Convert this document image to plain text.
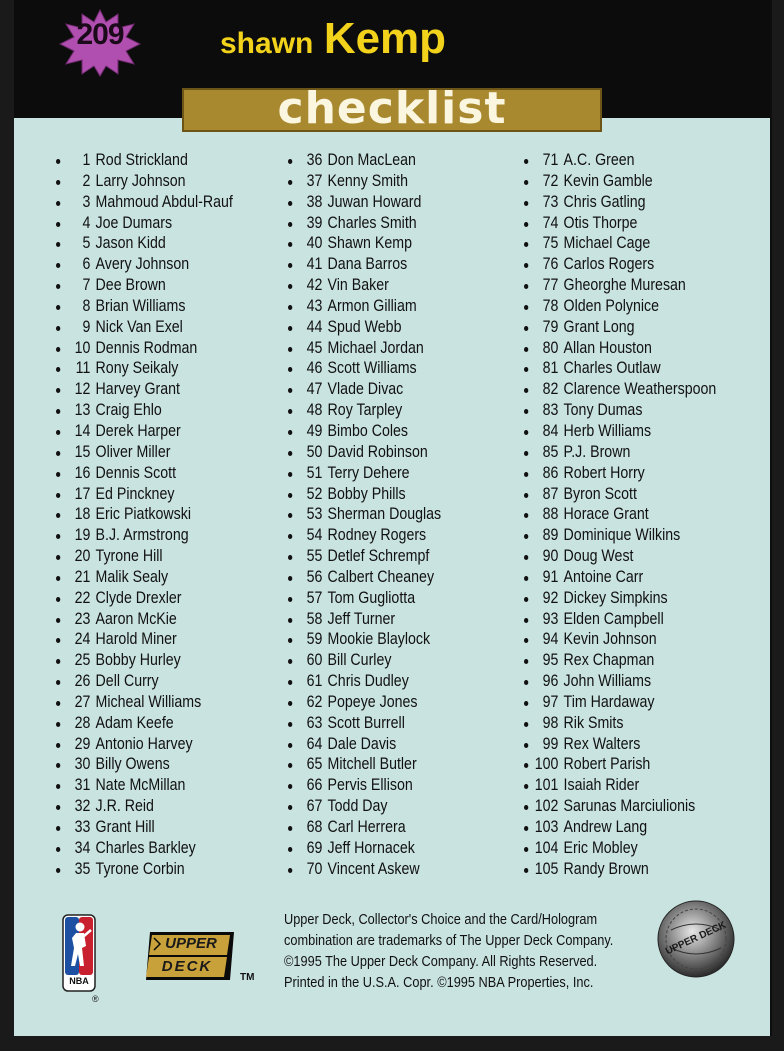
209	shawn Kemp
checklist
1 Rod Strickland
2 Larry Johnson
3 Mahmoud Abdul-Rauf
4 Joe Dumars
5 Jason Kidd
6 Avery Johnson
7 Dee Brown
8 Brian Williams
9 Nick Van Exel
10 Dennis Rodman
11 Rony Seikaly
12 Harvey Grant
13 Craig Ehlo
14 Derek Harper
15 Oliver Miller
16 Dennis Scott
17 Ed Pinckney
18 Eric Piatkowski
19 B.J. Armstrong
20 Tyrone Hill
21 Malik Sealy
22 Clyde Drexler
23 Aaron McKie
24 Harold Miner
25 Bobby Hurley
26 Dell Curry
27 Micheal Williams
28 Adam Keefe
29 Antonio Harvey
30 Billy Owens
31 Nate McMillan
32 J.R. Reid
33 Grant Hill
34 Charles Barkley
35 Tyrone Corbin
36 Don MacLean
37 Kenny Smith
38 Juwan Howard
39 Charles Smith
40 Shawn Kemp
41 Dana Barros
42 Vin Baker
43 Armon Gilliam
44 Spud Webb
45 Michael Jordan
46 Scott Williams
47 Vlade Divac
48 Roy Tarpley
49 Bimbo Coles
50 David Robinson
51 Terry Dehere
52 Bobby Phills
53 Sherman Douglas
54 Rodney Rogers
55 Detlef Schrempf
56 Calbert Cheaney
57 Tom Gugliotta
58 Jeff Turner
59 Mookie Blaylock
60 Bill Curley
61 Chris Dudley
62 Popeye Jones
63 Scott Burrell
64 Dale Davis
65 Mitchell Butler
66 Pervis Ellison
67 Todd Day
68 Carl Herrera
69 Jeff Hornacek
70 Vincent Askew
71 A.C. Green
72 Kevin Gamble
73 Chris Gatling
74 Otis Thorpe
75 Michael Cage
76 Carlos Rogers
77 Gheorghe Muresan
78 Olden Polynice
79 Grant Long
80 Allan Houston
81 Charles Outlaw
82 Clarence Weatherspoon
83 Tony Dumas
84 Herb Williams
85 P.J. Brown
86 Robert Horry
87 Byron Scott
88 Horace Grant
89 Dominique Wilkins
90 Doug West
91 Antoine Carr
92 Dickey Simpkins
93 Elden Campbell
94 Kevin Johnson
95 Rex Chapman
96 John Williams
97 Tim Hardaway
98 Rik Smits
99 Rex Walters
100 Robert Parish
101 Isaiah Rider
102 Sarunas Marciulionis
103 Andrew Lang
104 Eric Mobley
105 Randy Brown
NBA
®
UPPER
DECK
TM
Upper Deck, Collector's Choice and the Card/Hologram
combination are trademarks of The Upper Deck Company.
©1995 The Upper Deck Company. All Rights Reserved.
Printed in the U.S.A. Copr. ©1995 NBA Properties, Inc.
UPPER DECK
